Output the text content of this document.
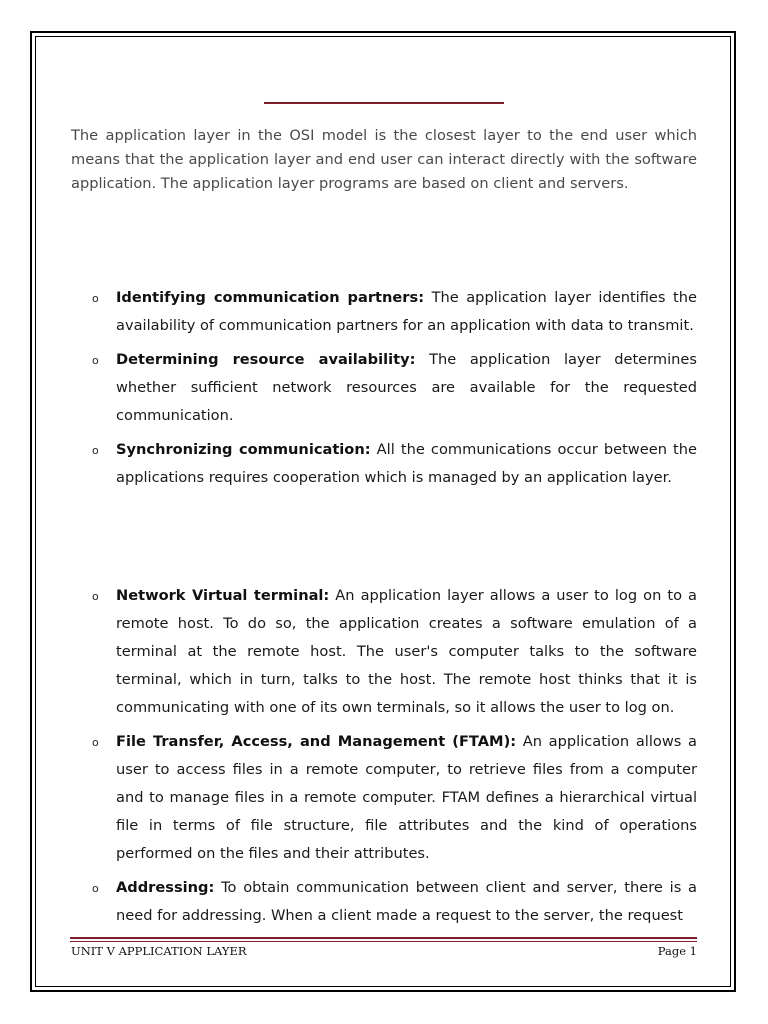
The application layer in the OSI model is the closest layer to the end user which means that the application layer and end user can interact directly with the software application. The application layer programs are based on client and servers.

o Identifying communication partners: The application layer identifies the availability of communication partners for an application with data to transmit.
o Determining resource availability: The application layer determines whether sufficient network resources are available for the requested communication.
o Synchronizing communication: All the communications occur between the applications requires cooperation which is managed by an application layer.
o Network Virtual terminal: An application layer allows a user to log on to a remote host. To do so, the application creates a software emulation of a terminal at the remote host. The user's computer talks to the software terminal, which in turn, talks to the host. The remote host thinks that it is communicating with one of its own terminals, so it allows the user to log on.
o File Transfer, Access, and Management (FTAM): An application allows a user to access files in a remote computer, to retrieve files from a computer and to manage files in a remote computer. FTAM defines a hierarchical virtual file in terms of file structure, file attributes and the kind of operations performed on the files and their attributes.
o Addressing: To obtain communication between client and server, there is a need for addressing. When a client made a request to the server, the request
UNIT V APPLICATION LAYER	Page 1
